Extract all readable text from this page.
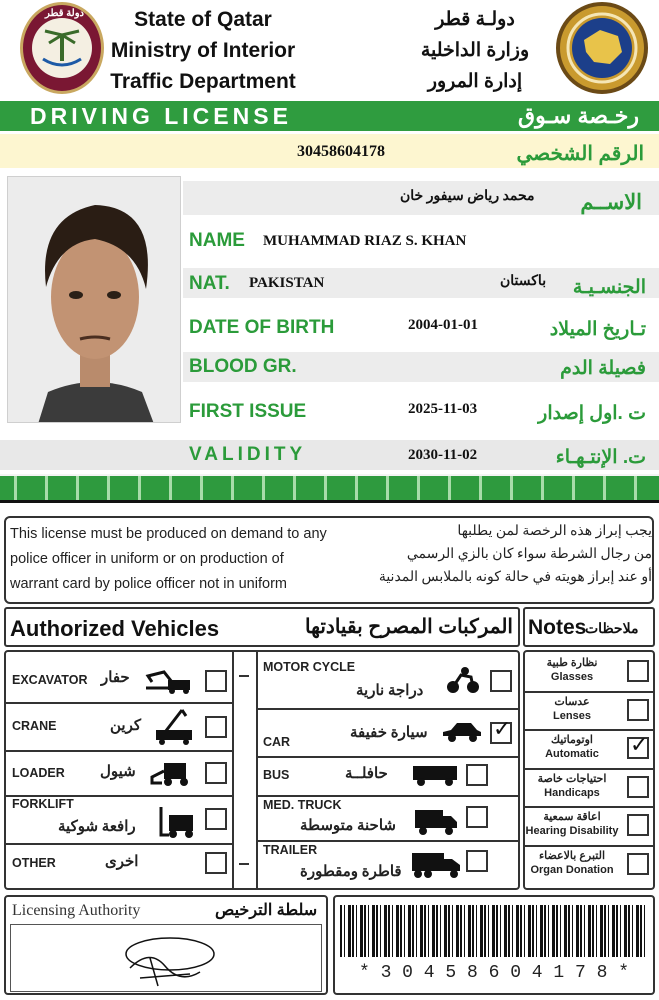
دولة قطر	State of Qatar
Ministry of Interior
Traffic Department
دولـة قطر
وزارة الداخلية
إدارة المرور
DRIVING LICENSE	رخـصة سـوق
30458604178	الرقم الشخصي
محمد رياض سيفور خان الاســم
NAME MUHAMMAD RIAZ S. KHAN
NAT. PAKISTAN	باكستان الجنسـيـة
DATE OF BIRTH	2004-01-01	تـاريخ الميلاد
BLOOD GR.	فصيلة الدم
FIRST ISSUE	2025-11-03	ت .اول إصدار
VALIDITY	2030-11-02	ت. الإنتـهـاء
This license must be produced on demand to any
police officer in uniform or on production of
warrant card by police officer not in uniform
يجب إبراز هذه الرخصة لمن يطلبها
من رجال الشرطة سواء كان بالزي الرسمي
أو عند إبراز هويته في حالة كونه بالملابس المدنية
Authorized Vehicles	المركبات المصرح بقيادتها Notes
ملاحظات
EXCAVATOR حفار
CRANE	كرين
LOADER شيول
FORKLIFT
رافعة شوكية
OTHER	اخرى
MOTOR CYCLE
دراجة نارية
CAR
سيارة خفيفة	✓
BUS	حافلــة
MED. TRUCK
شاحنة متوسطة
TRAILER
قاطرة ومقطورة
نظارة طبية
Glasses
عدسات
Lenses
اوتوماتيك
Automatic	✓
احتياجات خاصة
Handicaps
اعاقة سمعية
Hearing Disability
التبرع بالاعضاء
Organ Donation
Licensing Authority	سلطة الترخيص
* 3 0 4 5 8 6 0 4 1 7 8 *
